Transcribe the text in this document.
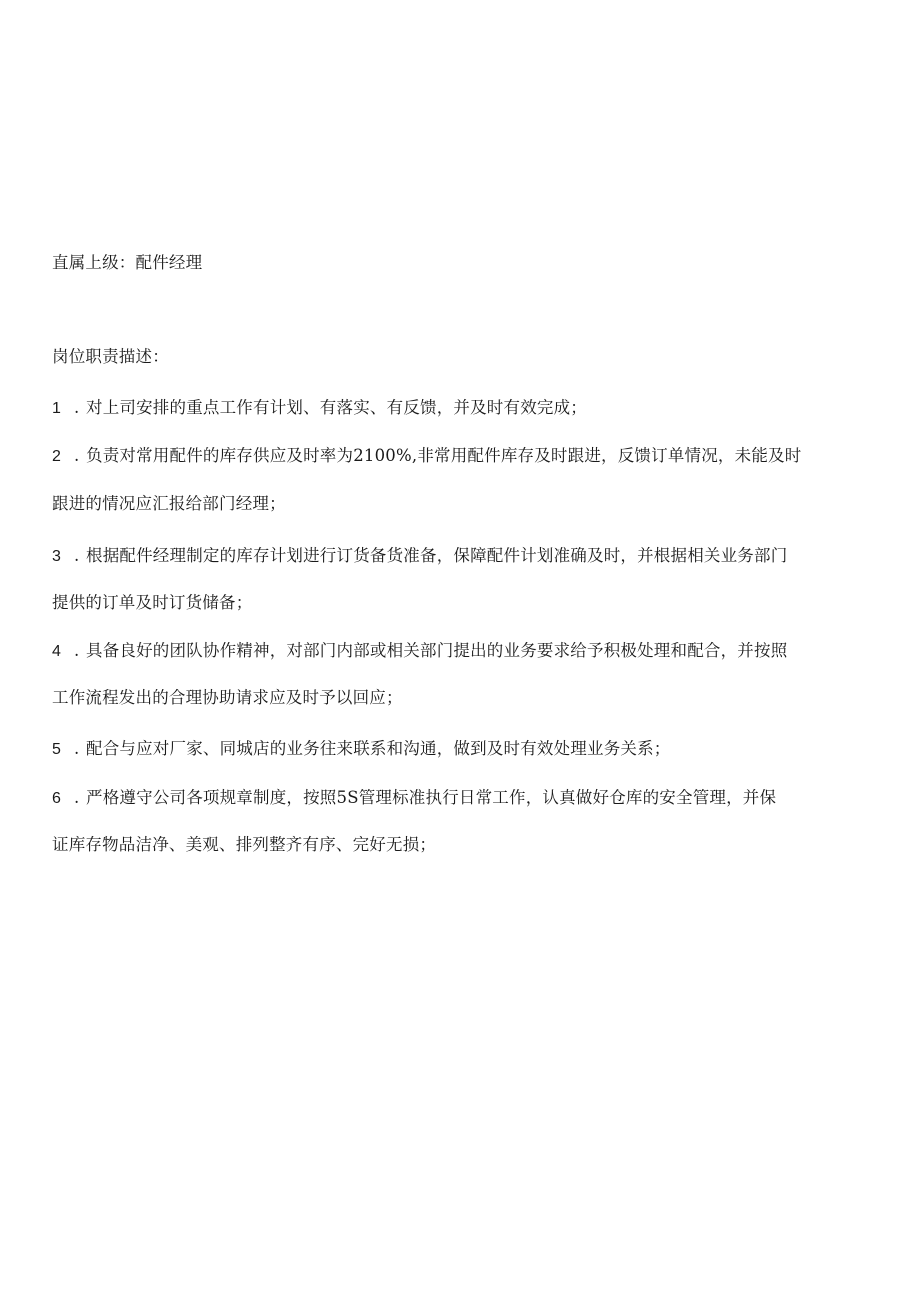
直属上级：配件经理
岗位职责描述：
1 . 对上司安排的重点工作有计划、有落实、有反馈，并及时有效完成；
2 . 负责对常用配件的库存供应及时率为2100%,非常用配件库存及时跟进，反馈订单情况，未能及时
跟进的情况应汇报给部门经理；
3 . 根据配件经理制定的库存计划进行订货备货准备，保障配件计划准确及时，并根据相关业务部门
提供的订单及时订货储备；
4 . 具备良好的团队协作精神，对部门内部或相关部门提出的业务要求给予积极处理和配合，并按照
工作流程发出的合理协助请求应及时予以回应；
5 . 配合与应对厂家、同城店的业务往来联系和沟通，做到及时有效处理业务关系；
6 . 严格遵守公司各项规章制度，按照5S管理标准执行日常工作，认真做好仓库的安全管理，并保
证库存物品洁净、美观、排列整齐有序、完好无损；
